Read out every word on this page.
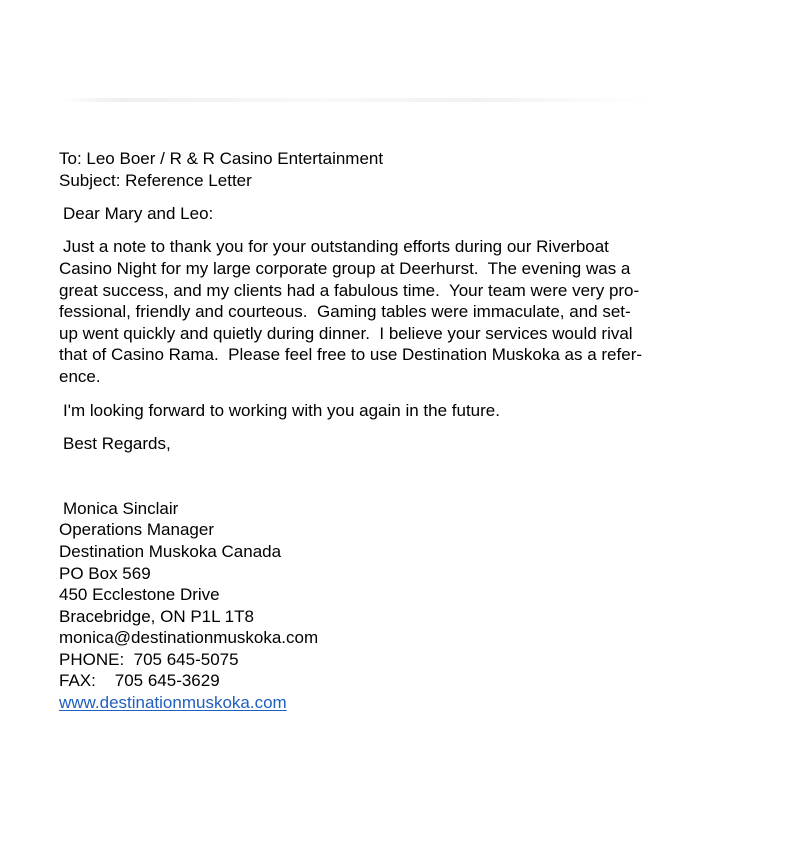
To: Leo Boer / R & R Casino Entertainment
Subject: Reference Letter
Dear Mary and Leo:
Just a note to thank you for your outstanding efforts during our Riverboat
Casino Night for my large corporate group at Deerhurst.  The evening was a
great success, and my clients had a fabulous time.  Your team were very pro-
fessional, friendly and courteous.  Gaming tables were immaculate, and set-
up went quickly and quietly during dinner.  I believe your services would rival
that of Casino Rama.  Please feel free to use Destination Muskoka as a refer-
ence.
I'm looking forward to working with you again in the future.
Best Regards,
Monica Sinclair
Operations Manager
Destination Muskoka Canada
PO Box 569
450 Ecclestone Drive
Bracebridge, ON P1L 1T8
monica@destinationmuskoka.com
PHONE:  705 645-5075
FAX:    705 645-3629
www.destinationmuskoka.com
